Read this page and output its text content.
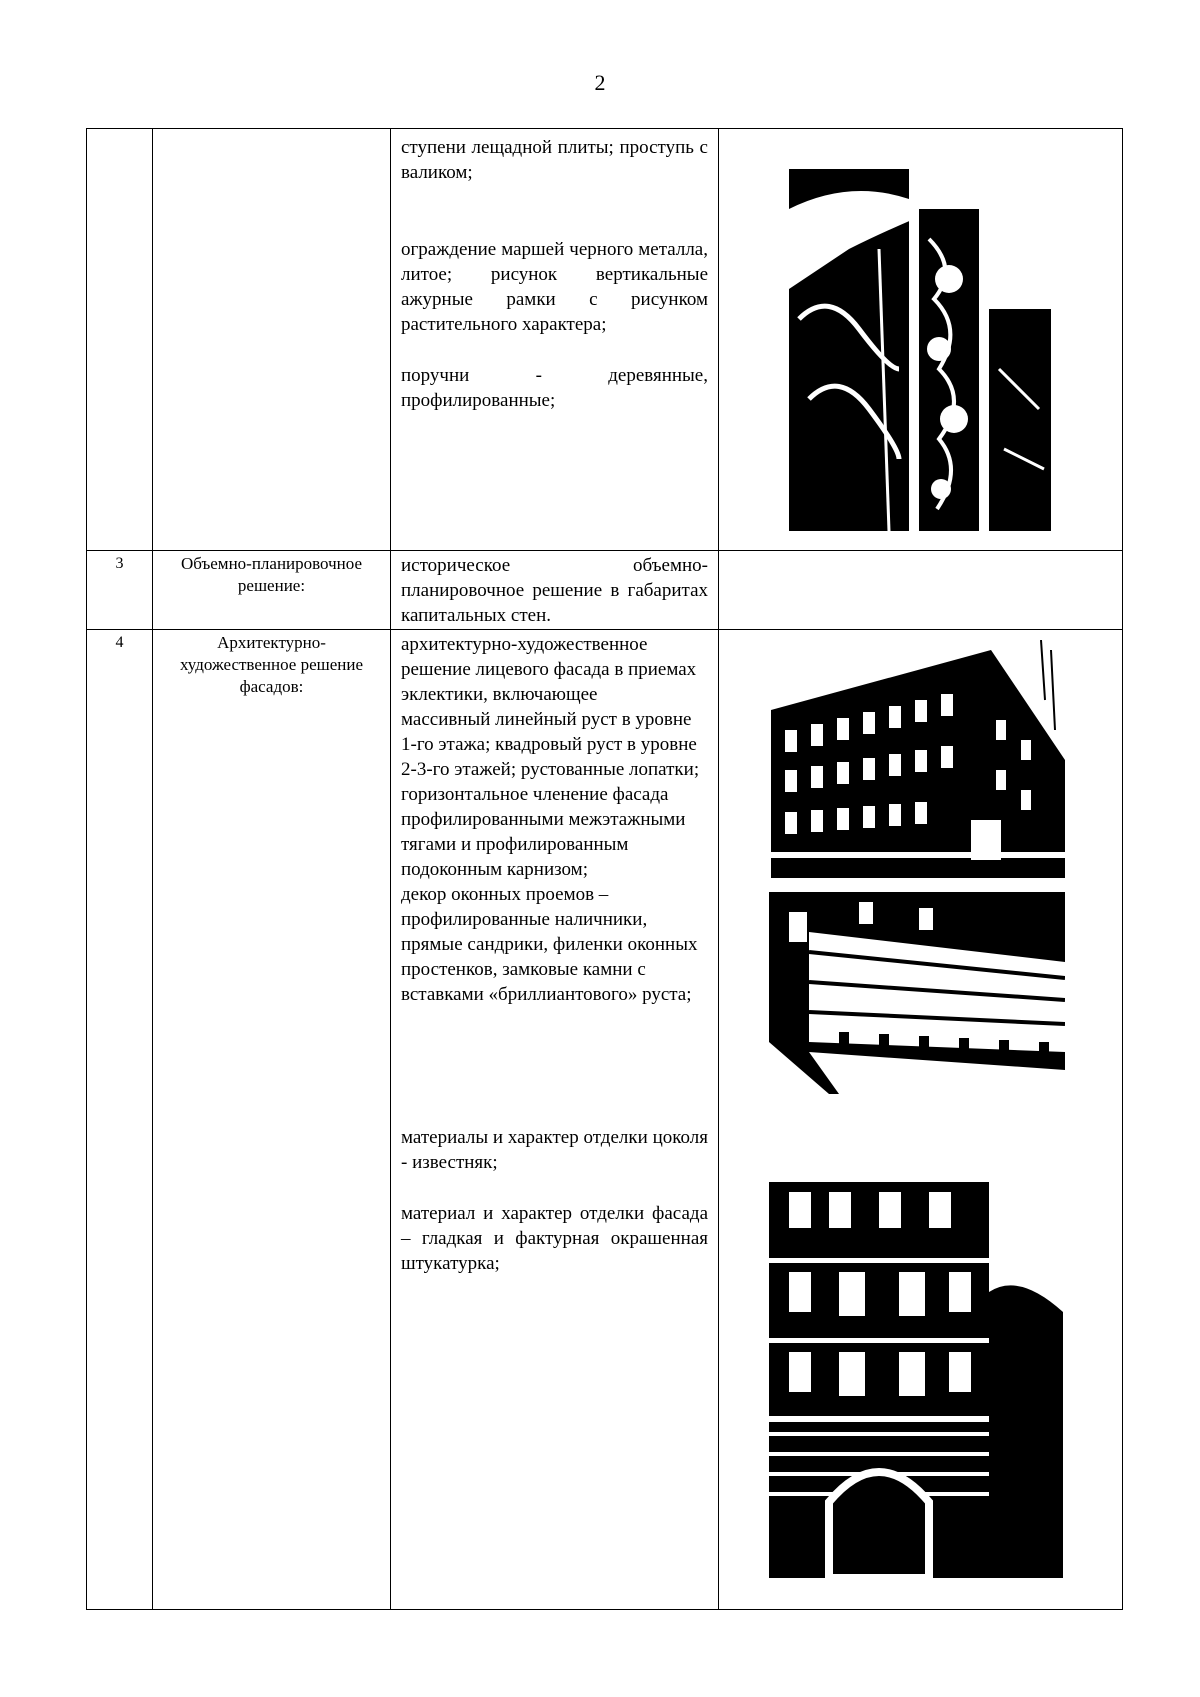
2

		ступени лещадной плиты; проступь с валиком;

ограждение маршей черного металла, литое; рисунок вертикальные ажурные рамки с рисунком растительного характера;

поручни - деревянные, профилированные;

3	Объемно-планировочное решение:	историческое объемно-планировочное решение в габаритах капитальных стен.	

4	Архитектурно-художественное решение фасадов:	архитектурно-художественное решение лицевого фасада в приемах эклектики, включающее

массивный линейный руст в уровне 1-го этажа; квадровый руст в уровне 2-3-го этажей; рустованные лопатки; горизонтальное членение фасада профилированными межэтажными тягами и профилированным подоконным карнизом;

декор оконных проемов – профилированные наличники, прямые сандрики, филенки оконных простенков, замковые камни с вставками «бриллиантового» руста;

материалы и характер отделки цоколя - известняк;

материал и характер отделки фасада – гладкая и фактурная окрашенная штукатурка;
